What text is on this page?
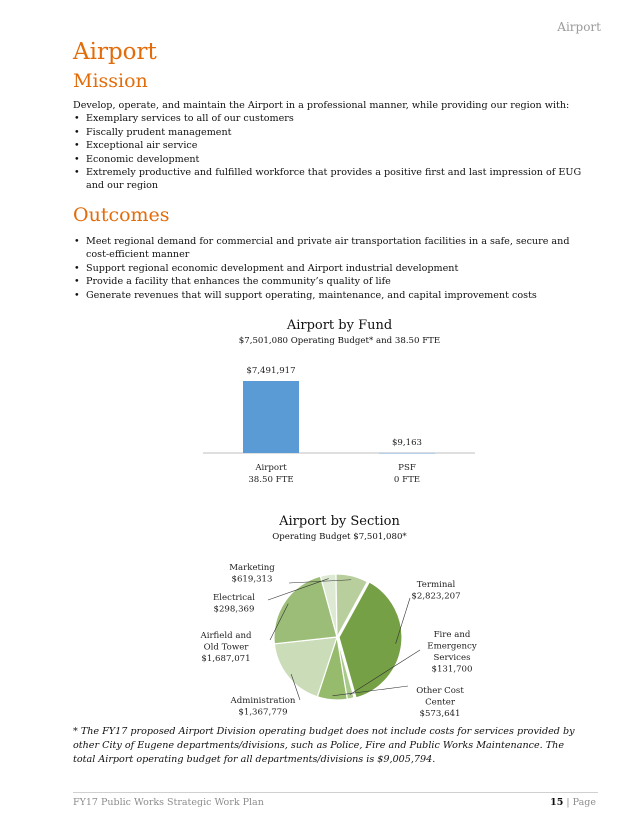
Airport
Airport
Mission
Develop, operate, and maintain the Airport in a professional manner, while providing our region with:
• Exemplary services to all of our customers
• Fiscally prudent management
• Exceptional air service
• Economic development
• Extremely productive and fulfilled workforce that provides a positive first and last impression of EUG and our region
Outcomes
• Meet regional demand for commercial and private air transportation facilities in a safe, secure and cost-efficient manner
• Support regional economic development and Airport industrial development
• Provide a facility that enhances the community’s quality of life
• Generate revenues that will support operating, maintenance, and capital improvement costs
Airport by Fund
$7,501,080 Operating Budget* and 38.50 FTE
$7,491,917
Airport
38.50 FTE
$9,163
PSF
0 FTE
Airport by Section
Operating Budget $7,501,080*
Terminal $2,823,207
Fire and Emergency Services $131,700
Other Cost Center $573,641
Administration $1,367,779
Airfield and Old Tower $1,687,071
Electrical $298,369
Marketing $619,313
* The FY17 proposed Airport Division operating budget does not include costs for services provided by other City of Eugene departments/divisions, such as Police, Fire and Public Works Maintenance. The total Airport operating budget for all departments/divisions is $9,005,794.
FY17 Public Works Strategic Work Plan	15 | Page
